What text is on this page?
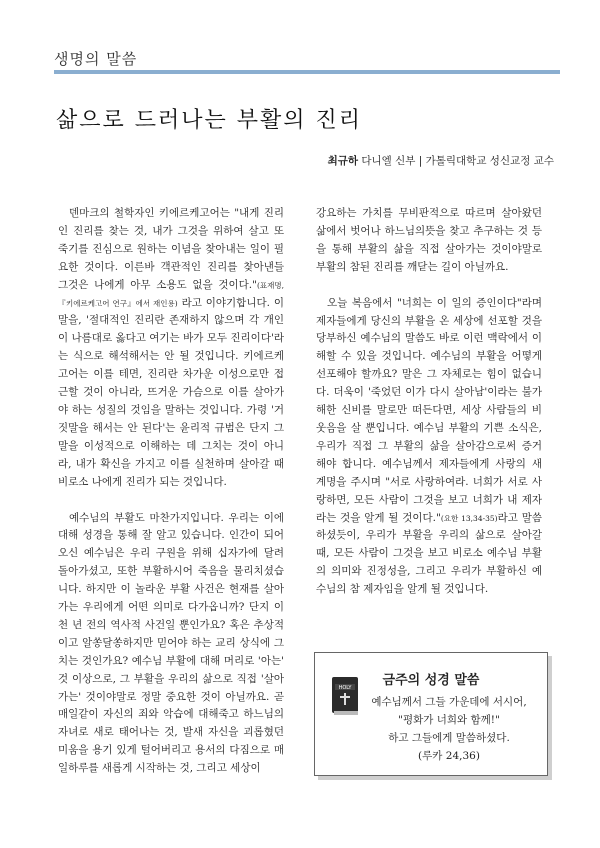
생명의 말씀
삶으로 드러나는 부활의 진리
최규하 다니엘 신부 | 가톨릭대학교 성신교정 교수

덴마크의 철학자인 키에르케고어는 "내게 진리인 진리를 찾는 것, 내가 그것을 위하여 살고 또 죽기를 진심으로 원하는 이념을 찾아내는 일이 필요한 것이다. 이른바 객관적인 진리를 찾아낸들 그것은 나에게 아무 소용도 없을 것이다."(표재명, 『키에르케고어 연구』에서 재인용) 라고 이야기합니다. 이 말을, '절대적인 진리란 존재하지 않으며 각 개인이 나름대로 옳다고 여기는 바가 모두 진리이다'라는 식으로 해석해서는 안 될 것입니다. 키에르케고어는 이를 테면, 진리란 차가운 이성으로만 접근할 것이 아니라, 뜨거운 가슴으로 이를 살아가야 하는 성질의 것임을 말하는 것입니다. 가령 '거짓말을 해서는 안 된다'는 윤리적 규범은 단지 그 말을 이성적으로 이해하는 데 그치는 것이 아니라, 내가 확신을 가지고 이를 실천하며 살아갈 때 비로소 나에게 진리가 되는 것입니다.

예수님의 부활도 마찬가지입니다. 우리는 이에 대해 성경을 통해 잘 알고 있습니다. 인간이 되어 오신 예수님은 우리 구원을 위해 십자가에 달려 돌아가셨고, 또한 부활하시어 죽음을 물리치셨습니다. 하지만 이 놀라운 부활 사건은 현재를 살아가는 우리에게 어떤 의미로 다가옵니까? 단지 이천 년 전의 역사적 사건일 뿐인가요? 혹은 추상적이고 알쏭달쏭하지만 믿어야 하는 교리 상식에 그치는 것인가요? 예수님 부활에 대해 머리로 '아는' 것 이상으로, 그 부활을 우리의 삶으로 직접 '살아가는' 것이야말로 정말 중요한 것이 아닐까요. 곧 매일같이 자신의 죄와 악습에 대해죽고 하느님의 자녀로 새로 태어나는 것, 발새 자신을 괴롭혔던 미움을 용기 있게 털어버리고 용서의 다짐으로 매일하루를 새롭게 시작하는 것, 그리고 세상이

강요하는 가치를 무비판적으로 따르며 살아왔던 삶에서 벗어나 하느님의뜻을 찾고 추구하는 것 등을 통해 부활의 삶을 직접 살아가는 것이야말로 부활의 참된 진리를 깨닫는 길이 아닐까요.

오늘 복음에서 "너희는 이 일의 증인이다"라며 제자들에게 당신의 부활을 온 세상에 선포할 것을 당부하신 예수님의 말씀도 바로 이런 맥락에서 이해할 수 있을 것입니다. 예수님의 부활을 어떻게 선포해야 할까요? 말은 그 자체로는 힘이 없습니다. 더욱이 '죽었던 이가 다시 살아남'이라는 불가해한 신비를 말로만 떠든다면, 세상 사람들의 비웃음을 살 뿐입니다. 예수님 부활의 기쁜 소식은, 우리가 직접 그 부활의 삶을 살아감으로써 증거 해야 합니다. 예수님께서 제자들에게 사랑의 새 계명을 주시며 "서로 사랑하여라. 너희가 서로 사랑하면, 모든 사람이 그것을 보고 너희가 내 제자라는 것을 알게 될 것이다."(요한 13,34-35)라고 말씀하셨듯이, 우리가 부활을 우리의 삶으로 살아갈 때, 모든 사람이 그것을 보고 비로소 예수님 부활의 의미와 진정성을, 그리고 우리가 부활하신 예수님의 참 제자임을 알게 될 것입니다.

HOLY	금주의 성경 말씀
예수님께서 그들 가운데에 서시어,
"평화가 너희와 함께!"
하고 그들에게 말씀하셨다.
(루카 24,36)
